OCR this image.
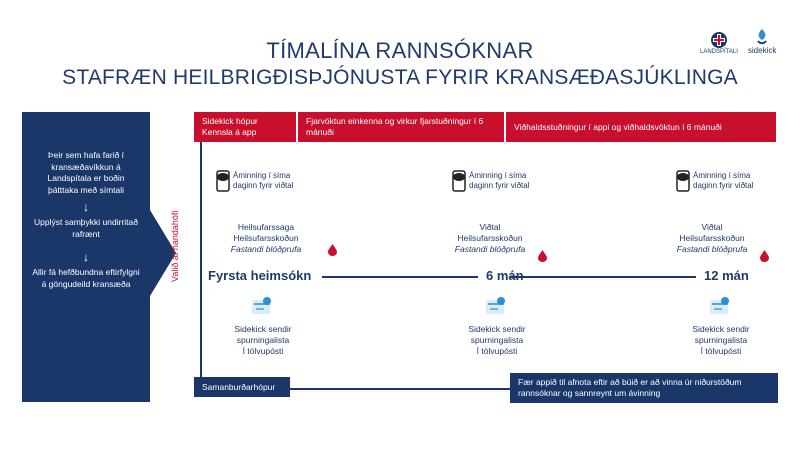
TÍMALÍNA RANNSÓKNAR
STAFRÆN HEILBRIGÐISÞJÓNUSTA FYRIR KRANSÆÐASJÚKLINGA
LANDSPÍTALI sidekick
Þeir sem hafa farið í kransæðavíkkun á Landspítala er boðin þátttaka með símtali
↓
Upplýst samþykki undirritað rafrænt
↓
Allir fá hefðbundna eftirfylgni á göngudeild kransæða
Valið af handahófi
Sidekick hópur
Kennsla á app
Fjarvöktun einkenna og virkur fjarstuðningur í 6 mánuði
Viðhaldsstuðningur í appi og viðhaldsvöktun í 6 mánuði
Áminning í síma
daginn fyrir viðtal
Áminning í síma
daginn fyrir viðtal
Áminning í síma
daginn fyrir viðtal
Heilsufarssaga
Heilsufarsskoðun
Fastandi blóðprufa
Viðtal
Heilsufarsskoðun
Fastandi blóðprufa
Viðtal
Heilsufarsskoðun
Fastandi blóðprufa
Fyrsta heimsókn	6 mán	12 mán
Sidekick sendir
spurningalista
Í tölvupósti
Sidekick sendir
spurningalista
Í tölvupósti
Sidekick sendir
spurningalista
Í tölvupósti
Samanburðarhópur	Fær appið til afnota eftir að búið er að vinna úr niðurstöðum rannsóknar og sannreynt um ávinning
